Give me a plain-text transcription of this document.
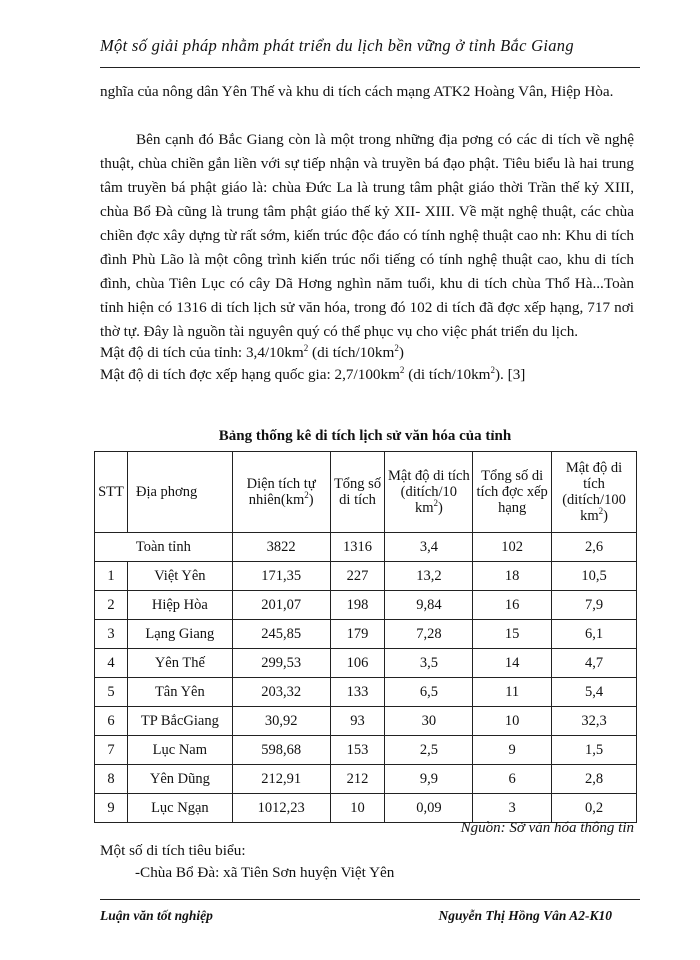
Một số giải pháp nhằm phát triển du lịch bền vững ở tỉnh Bắc Giang
nghĩa của nông dân Yên Thế và khu di tích cách mạng ATK2 Hoàng Vân, Hiệp Hòa.
Bên cạnh đó Bắc Giang còn là một trong những địa pơng có các di tích về nghệ thuật, chùa chiền gắn liền với sự tiếp nhận và truyền bá đạo phật. Tiêu biểu là hai trung tâm truyền bá phật giáo là: chùa Đức La là trung tâm phật giáo thời Trần thế kỷ XIII, chùa Bổ Đà cũng là trung tâm phật giáo thế kỷ XII- XIII. Về mặt nghệ thuật, các chùa chiền đợc xây dựng từ rất sớm, kiến trúc độc đáo có tính nghệ thuật cao nh: Khu di tích đình Phù Lão là một công trình kiến trúc nổi tiếng có tính nghệ thuật cao, khu di tích đình, chùa Tiên Lục có cây Dã Hơng nghìn năm tuổi, khu di tích chùa Thổ Hà...Toàn tỉnh hiện có 1316 di tích lịch sử văn hóa, trong đó 102 di tích đã đợc xếp hạng, 717 nơi thờ tự. Đây là nguồn tài nguyên quý có thể phục vụ cho việc phát triển du lịch.
Mật độ di tích của tỉnh: $3,4/10km^2$ (di tích/$10km^2$)
Mật độ di tích đợc xếp hạng quốc gia: $2,7/100km^2$ (di tích/$10km^2$). [3]
Bảng thống kê di tích lịch sử văn hóa của tỉnh
STT	Địa phơng	Diện tích tự $nhiên(km^2)$	Tổng số di tích	Mật độ di tích (ditích/10 $km^2$)	Tổng số di tích đợc xếp hạng	Mật độ di tích (ditích/100 $km^2$)
Toàn tỉnh		3822	1316	3,4	102	2,6
1	Việt Yên	171,35	227	13,2	18	10,5
2	Hiệp Hòa	201,07	198	9,84	16	7,9
3	Lạng Giang	245,85	179	7,28	15	6,1
4	Yên Thế	299,53	106	3,5	14	4,7
5	Tân Yên	203,32	133	6,5	11	5,4
6	TP BắcGiang	30,92	93	30	10	32,3
7	Lục Nam	598,68	153	2,5	9	1,5
8	Yên Dũng	212,91	212	9,9	6	2,8
9	Lục Ngạn	1012,23	10	0,09	3	0,2
Nguồn: Sở văn hóa thông tin
Một số di tích tiêu biểu:
-Chùa Bổ Đà: xã Tiên Sơn huyện Việt Yên
Luận văn tốt nghiệp	Nguyễn Thị Hồng Vân A2-K10
